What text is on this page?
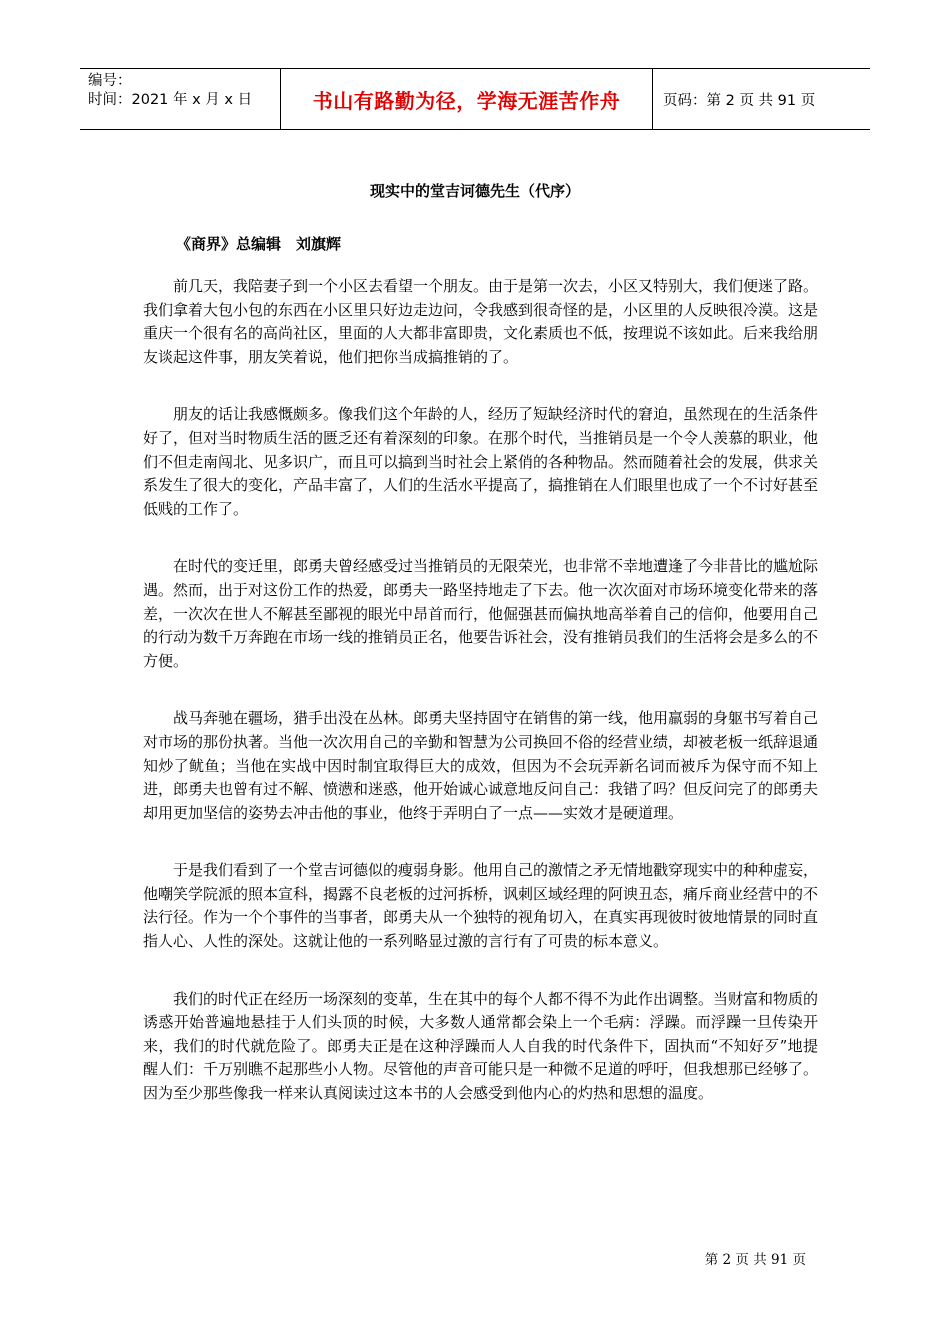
编号：
时间：2021 年 x 月 x 日	书山有路勤为径，学海无涯苦作舟	页码：第 2 页 共 91 页
现实中的堂吉诃德先生（代序）
《商界》总编辑　刘旗辉

前几天，我陪妻子到一个小区去看望一个朋友。由于是第一次去，小区又特别大，我们便迷了路。我们拿着大包小包的东西在小区里只好边走边问，令我感到很奇怪的是，小区里的人反映很冷漠。这是重庆一个很有名的高尚社区，里面的人大都非富即贵，文化素质也不低，按理说不该如此。后来我给朋友谈起这件事，朋友笑着说，他们把你当成搞推销的了。

朋友的话让我感慨颇多。像我们这个年龄的人，经历了短缺经济时代的窘迫，虽然现在的生活条件好了，但对当时物质生活的匮乏还有着深刻的印象。在那个时代，当推销员是一个令人羡慕的职业，他们不但走南闯北、见多识广，而且可以搞到当时社会上紧俏的各种物品。然而随着社会的发展，供求关系发生了很大的变化，产品丰富了，人们的生活水平提高了，搞推销在人们眼里也成了一个不讨好甚至低贱的工作了。

在时代的变迁里，郎勇夫曾经感受过当推销员的无限荣光，也非常不幸地遭逢了今非昔比的尴尬际遇。然而，出于对这份工作的热爱，郎勇夫一路坚持地走了下去。他一次次面对市场环境变化带来的落差，一次次在世人不解甚至鄙视的眼光中昂首而行，他倔强甚而偏执地高举着自己的信仰，他要用自己的行动为数千万奔跑在市场一线的推销员正名，他要告诉社会，没有推销员我们的生活将会是多么的不方便。

战马奔驰在疆场，猎手出没在丛林。郎勇夫坚持固守在销售的第一线，他用羸弱的身躯书写着自己对市场的那份执著。当他一次次用自己的辛勤和智慧为公司换回不俗的经营业绩，却被老板一纸辞退通知炒了鱿鱼；当他在实战中因时制宜取得巨大的成效，但因为不会玩弄新名词而被斥为保守而不知上进，郎勇夫也曾有过不解、愤懑和迷惑，他开始诚心诚意地反问自己：我错了吗？但反问完了的郎勇夫却用更加坚信的姿势去冲击他的事业，他终于弄明白了一点——实效才是硬道理。

于是我们看到了一个堂吉诃德似的瘦弱身影。他用自己的激情之矛无情地戳穿现实中的种种虚妄，他嘲笑学院派的照本宣科，揭露不良老板的过河拆桥，讽刺区域经理的阿谀丑态，痛斥商业经营中的不法行径。作为一个个事件的当事者，郎勇夫从一个独特的视角切入，在真实再现彼时彼地情景的同时直指人心、人性的深处。这就让他的一系列略显过激的言行有了可贵的标本意义。

我们的时代正在经历一场深刻的变革，生在其中的每个人都不得不为此作出调整。当财富和物质的诱惑开始普遍地悬挂于人们头顶的时候，大多数人通常都会染上一个毛病：浮躁。而浮躁一旦传染开来，我们的时代就危险了。郎勇夫正是在这种浮躁而人人自我的时代条件下，固执而“不知好歹”地提醒人们：千万别瞧不起那些小人物。尽管他的声音可能只是一种微不足道的呼吁，但我想那已经够了。因为至少那些像我一样来认真阅读过这本书的人会感受到他内心的灼热和思想的温度。

第 2 页 共 91 页
